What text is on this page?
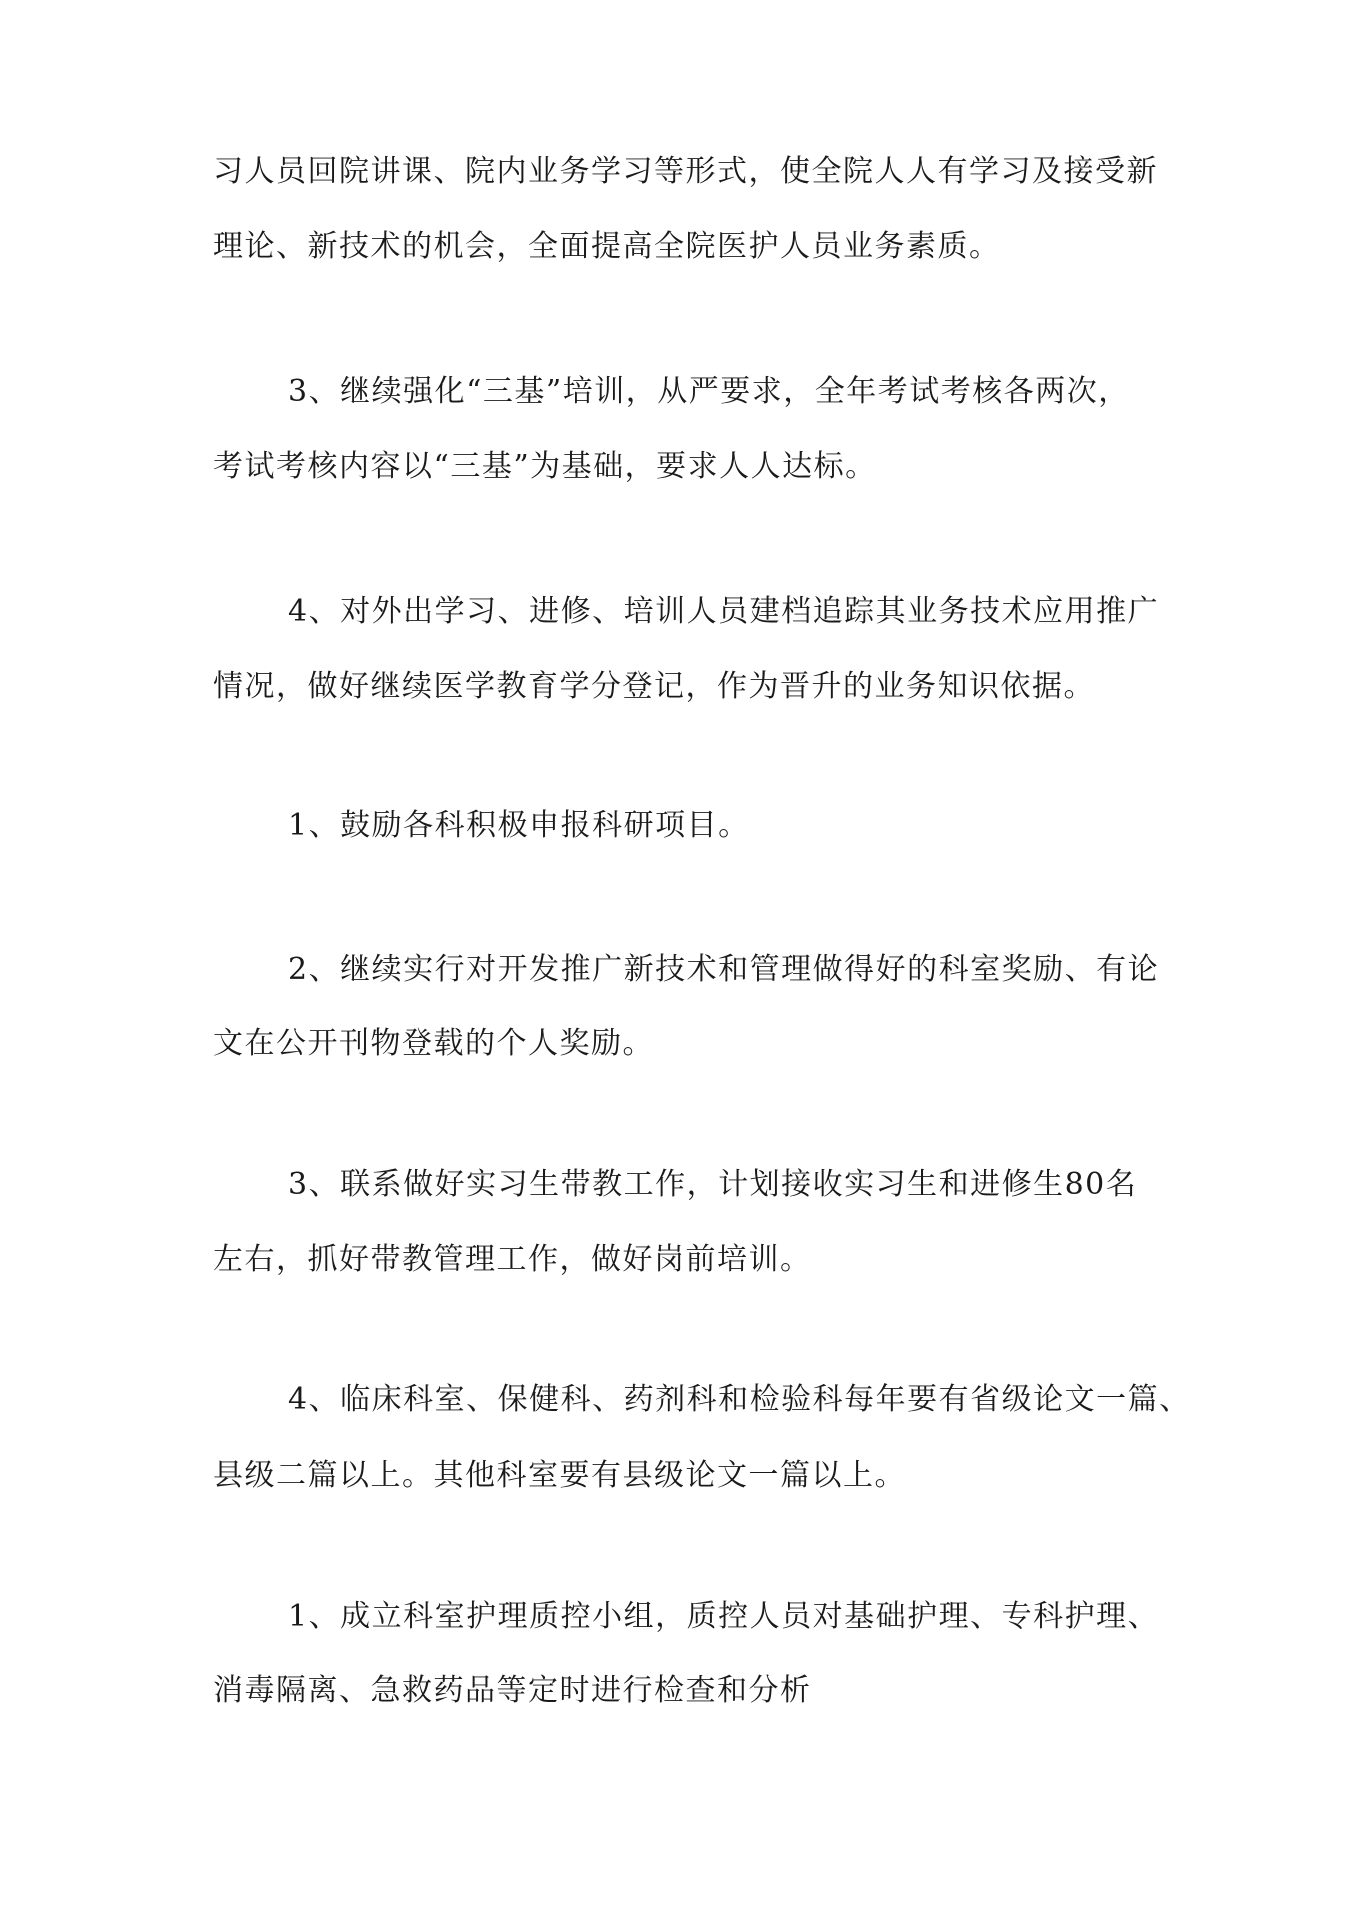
习人员回院讲课、院内业务学习等形式，使全院人人有学习及接受新

理论、新技术的机会，全面提高全院医护人员业务素质。

3、继续强化“三基”培训，从严要求，全年考试考核各两次，

考试考核内容以“三基”为基础，要求人人达标。

4、对外出学习、进修、培训人员建档追踪其业务技术应用推广

情况，做好继续医学教育学分登记，作为晋升的业务知识依据。

1、鼓励各科积极申报科研项目。

2、继续实行对开发推广新技术和管理做得好的科室奖励、有论

文在公开刊物登载的个人奖励。

3、联系做好实习生带教工作，计划接收实习生和进修生80名

左右，抓好带教管理工作，做好岗前培训。

4、临床科室、保健科、药剂科和检验科每年要有省级论文一篇、

县级二篇以上。其他科室要有县级论文一篇以上。

1、成立科室护理质控小组，质控人员对基础护理、专科护理、

消毒隔离、急救药品等定时进行检查和分析
